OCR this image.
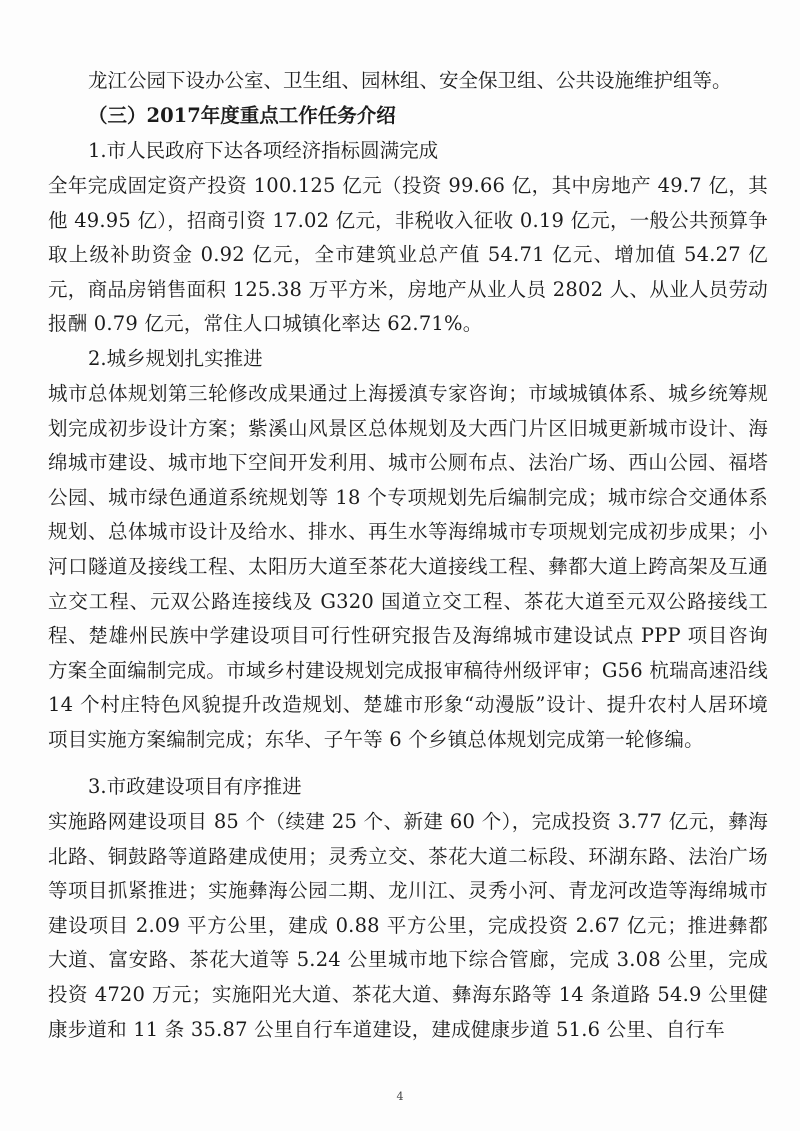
龙江公园下设办公室、卫生组、园林组、安全保卫组、公共设施维护组等。
（三）2017年度重点工作任务介绍
1.市人民政府下达各项经济指标圆满完成
全年完成固定资产投资 100.125 亿元（投资 99.66 亿，其中房地产 49.7 亿，其他 49.95 亿），招商引资 17.02 亿元，非税收入征收 0.19 亿元，一般公共预算争取上级补助资金 0.92 亿元，全市建筑业总产值 54.71 亿元、增加值 54.27 亿元，商品房销售面积 125.38 万平方米，房地产从业人员 2802 人、从业人员劳动报酬 0.79 亿元，常住人口城镇化率达 62.71%。
2.城乡规划扎实推进
城市总体规划第三轮修改成果通过上海援滇专家咨询；市域城镇体系、城乡统筹规划完成初步设计方案；紫溪山风景区总体规划及大西门片区旧城更新城市设计、海绵城市建设、城市地下空间开发利用、城市公厕布点、法治广场、西山公园、福塔公园、城市绿色通道系统规划等 18 个专项规划先后编制完成；城市综合交通体系规划、总体城市设计及给水、排水、再生水等海绵城市专项规划完成初步成果；小河口隧道及接线工程、太阳历大道至茶花大道接线工程、彝都大道上跨高架及互通立交工程、元双公路连接线及 G320 国道立交工程、茶花大道至元双公路接线工程、楚雄州民族中学建设项目可行性研究报告及海绵城市建设试点 PPP 项目咨询方案全面编制完成。市域乡村建设规划完成报审稿待州级评审；G56 杭瑞高速沿线 14 个村庄特色风貌提升改造规划、楚雄市形象“动漫版”设计、提升农村人居环境项目实施方案编制完成；东华、子午等 6 个乡镇总体规划完成第一轮修编。
3.市政建设项目有序推进
实施路网建设项目 85 个（续建 25 个、新建 60 个），完成投资 3.77 亿元，彝海北路、铜鼓路等道路建成使用；灵秀立交、茶花大道二标段、环湖东路、法治广场等项目抓紧推进；实施彝海公园二期、龙川江、灵秀小河、青龙河改造等海绵城市建设项目 2.09 平方公里，建成 0.88 平方公里，完成投资 2.67 亿元；推进彝都大道、富安路、茶花大道等 5.24 公里城市地下综合管廊，完成 3.08 公里，完成投资 4720 万元；实施阳光大道、茶花大道、彝海东路等 14 条道路 54.9 公里健康步道和 11 条 35.87 公里自行车道建设，建成健康步道 51.6 公里、自行车
4
